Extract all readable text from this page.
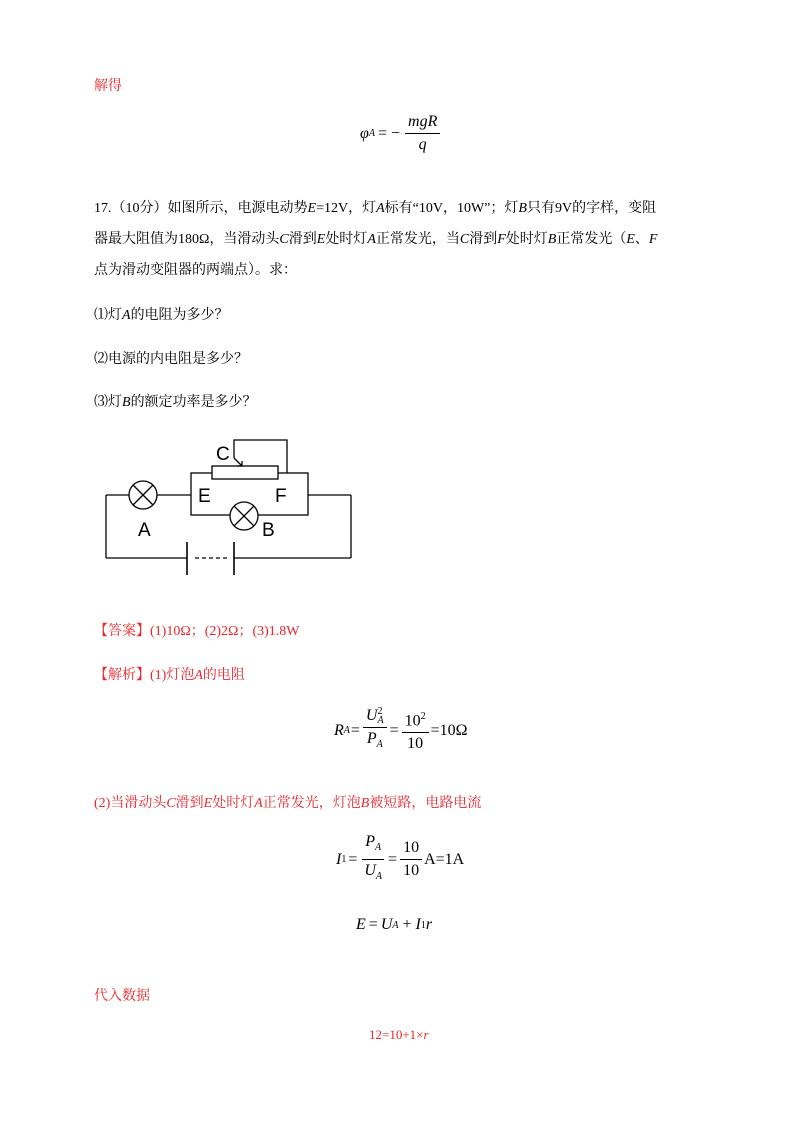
解得
φ A = − $\frac{\text{mgR}}{q}$
17.（10分）如图所示，电源电动势E=12V，灯A标有“10V，10W”；灯B只有9V的字样，变阻
器最大阻值为180Ω，当滑动头C滑到E处时灯A正常发光，当C滑到F处时灯B正常发光（E、F
点为滑动变阻器的两端点）。求：
⑴灯A的电阻为多少？
⑵电源的内电阻是多少？
⑶灯B的额定功率是多少？
C
E	F
A	B
【答案】(1)10Ω；(2)2Ω；(3)1.8W
【解析】(1)灯泡A的电阻
R A = U 2
A
$P_A = \frac{10^2}{10} =10\Omega$
(2)当滑动头C滑到E处时灯A正常发光，灯泡B被短路，电路电流
I $1 = \frac{P_A}{U_A} = \frac{10}{10} A=1A$
E = U A + I 1 r
代入数据
12=10+1×r
